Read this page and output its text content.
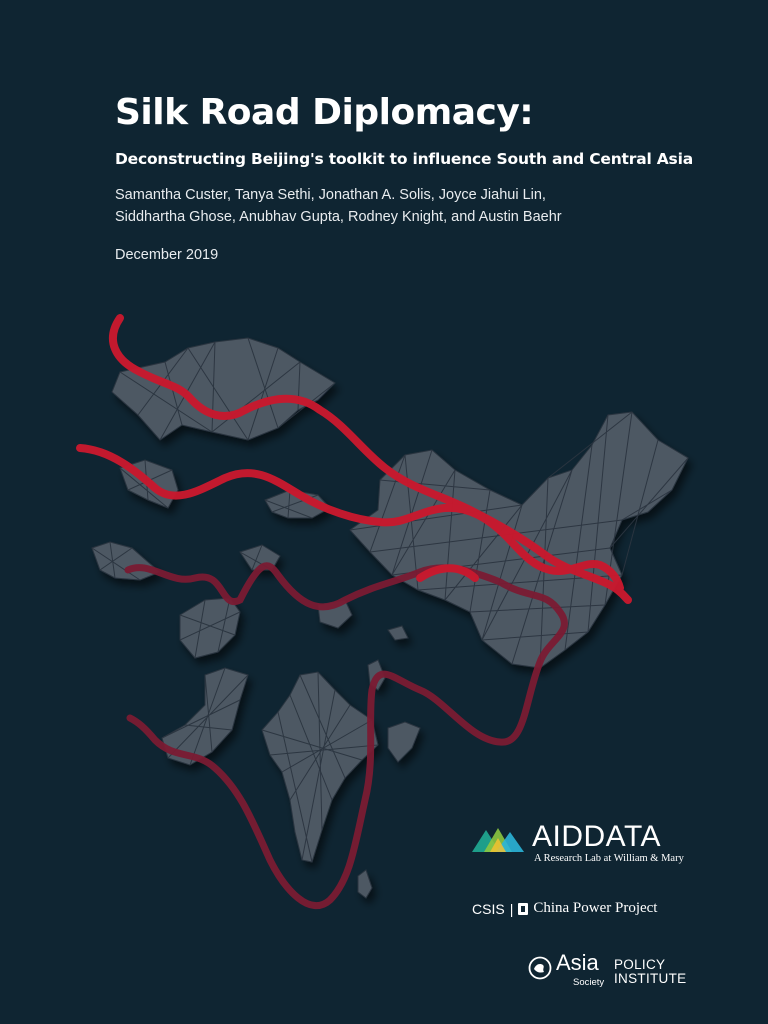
Silk Road Diplomacy:
Deconstructing Beijing's toolkit to influence South and Central Asia
Samantha Custer, Tanya Sethi, Jonathan A. Solis, Joyce Jiahui Lin,
Siddhartha Ghose, Anubhav Gupta, Rodney Knight, and Austin Baehr
December 2019
AIDDATA
A Research Lab at William & Mary
CSIS | China Power Project
Asia
Society
POLICY
INSTITUTE
